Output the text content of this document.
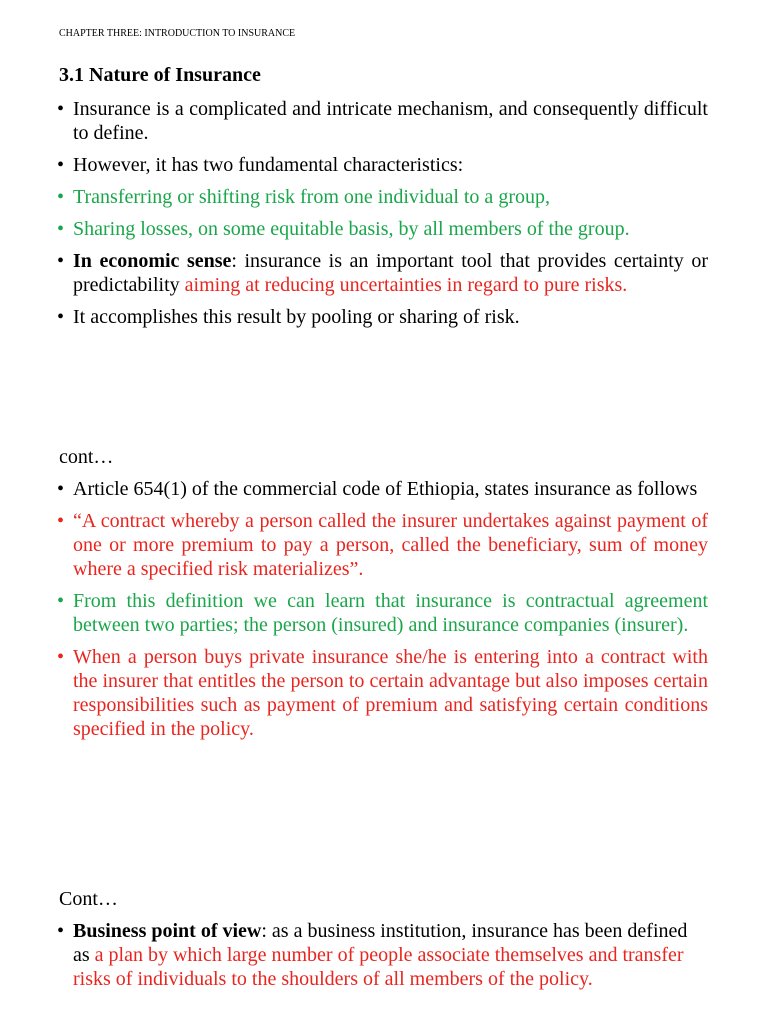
CHAPTER THREE: INTRODUCTION TO INSURANCE
3.1 Nature of Insurance
• Insurance is a complicated and intricate mechanism, and consequently difficult to define.
• However, it has two fundamental characteristics:
• Transferring or shifting risk from one individual to a group,
• Sharing losses, on some equitable basis, by all members of the group.
• In economic sense: insurance is an important tool that provides certainty or predictability aiming at reducing uncertainties in regard to pure risks.
• It accomplishes this result by pooling or sharing of risk.
cont…
• Article 654(1) of the commercial code of Ethiopia, states insurance as follows
• “A contract whereby a person called the insurer undertakes against payment of one or more premium to pay a person, called the beneficiary, sum of money where a specified risk materializes”.
• From this definition we can learn that insurance is contractual agreement between two parties; the person (insured) and insurance companies (insurer).
• When a person buys private insurance she/he is entering into a contract with the insurer that entitles the person to certain advantage but also imposes certain responsibilities such as payment of premium and satisfying certain conditions specified in the policy.
Cont…
• Business point of view: as a business institution, insurance has been defined as a plan by which large number of people associate themselves and transfer risks of individuals to the shoulders of all members of the policy.
